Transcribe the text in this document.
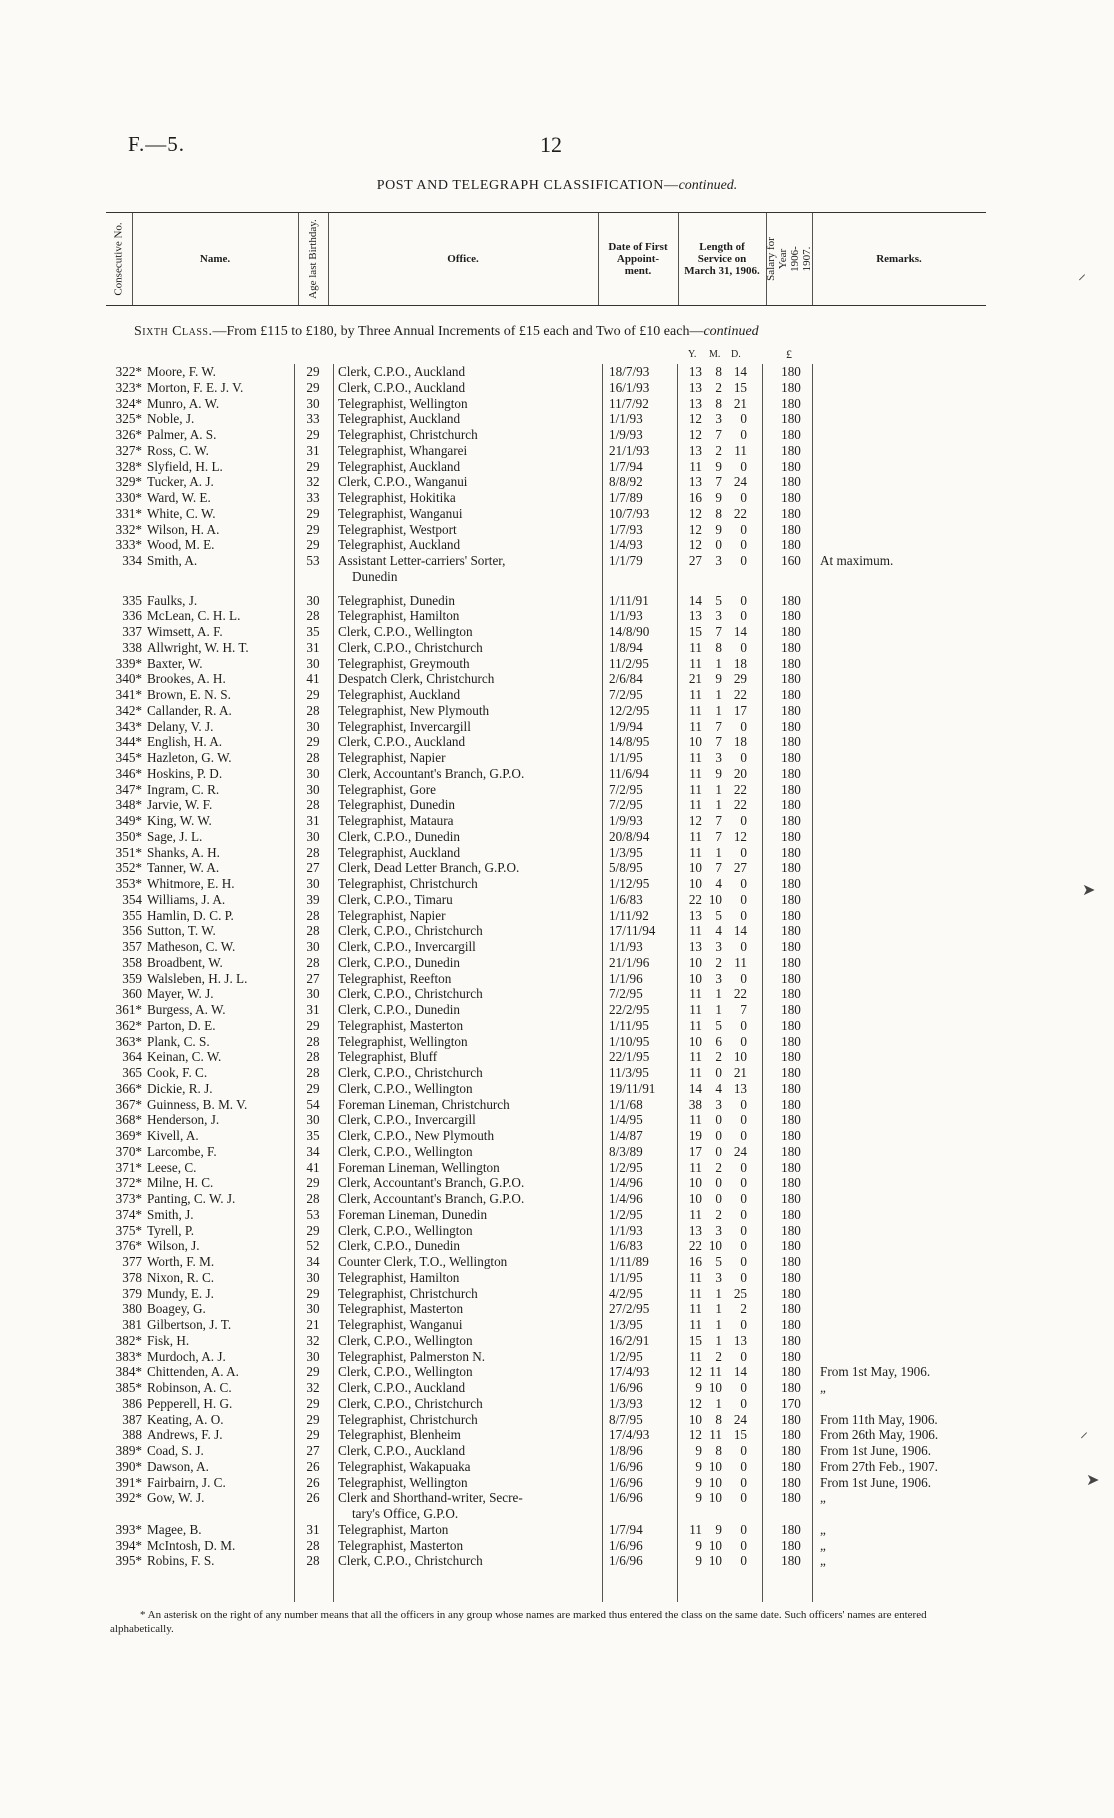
F.—5.	12
POST AND TELEGRAPH CLASSIFICATION—continued.
Consecutive No.	Name.	Age last Birthday.	Office.
Date of First Appoint-ment.
Length of Service on March 31, 1906. Salary for Year 1906-1907.	Remarks.
Sixth Class.—From £115 to £180, by Three Annual Increments of £15 each and Two of £10 each—continued
Y. M. D.	£
322* Moore, F. W.	29	Clerk, C.P.O., Auckland	18/7/93	13	8 14	180
323* Morton, F. E. J. V.	29	Clerk, C.P.O., Auckland	16/1/93	13	2 15	180
324* Munro, A. W.	30	Telegraphist, Wellington	11/7/92	13	8 21	180
325* Noble, J.	33	Telegraphist, Auckland	1/1/93	12	3	0	180
326* Palmer, A. S.	29	Telegraphist, Christchurch	1/9/93	12	7	0	180
327* Ross, C. W.	31	Telegraphist, Whangarei	21/1/93	13	2 11	180
328* Slyfield, H. L.	29	Telegraphist, Auckland	1/7/94	11	9	0	180
329* Tucker, A. J.	32	Clerk, C.P.O., Wanganui	8/8/92	13	7 24	180
330* Ward, W. E.	33	Telegraphist, Hokitika	1/7/89	16	9	0	180
331* White, C. W.	29	Telegraphist, Wanganui	10/7/93	12	8 22	180
332* Wilson, H. A.	29	Telegraphist, Westport	1/7/93	12	9	0	180
333* Wood, M. E.	29	Telegraphist, Auckland	1/4/93	12	0	0	180
334 Smith, A.	53	Assistant Letter-carriers' Sorter,	1/1/79	27	3	0	160	At maximum.
Dunedin
335 Faulks, J.	30	Telegraphist, Dunedin	1/11/91	14	5	0	180
336 McLean, C. H. L.	28	Telegraphist, Hamilton	1/1/93	13	3	0	180
337 Wimsett, A. F.	35	Clerk, C.P.O., Wellington	14/8/90	15	7 14	180
338 Allwright, W. H. T.	31	Clerk, C.P.O., Christchurch	1/8/94	11	8	0	180
339* Baxter, W.	30	Telegraphist, Greymouth	11/2/95	11	1 18	180
340* Brookes, A. H.	41	Despatch Clerk, Christchurch	2/6/84	21	9 29	180
341* Brown, E. N. S.	29	Telegraphist, Auckland	7/2/95	11	1 22	180
342* Callander, R. A.	28	Telegraphist, New Plymouth	12/2/95	11	1 17	180
343* Delany, V. J.	30	Telegraphist, Invercargill	1/9/94	11	7	0	180
344* English, H. A.	29	Clerk, C.P.O., Auckland	14/8/95	10	7 18	180
345* Hazleton, G. W.	28	Telegraphist, Napier	1/1/95	11	3	0	180
346* Hoskins, P. D.	30	Clerk, Accountant's Branch, G.P.O.	11/6/94	11	9 20	180
347* Ingram, C. R.	30	Telegraphist, Gore	7/2/95	11	1 22	180
348* Jarvie, W. F.	28	Telegraphist, Dunedin	7/2/95	11	1 22	180
349* King, W. W.	31	Telegraphist, Mataura	1/9/93	12	7	0	180
350* Sage, J. L.	30	Clerk, C.P.O., Dunedin	20/8/94	11	7 12	180
351* Shanks, A. H.	28	Telegraphist, Auckland	1/3/95	11	1	0	180
352* Tanner, W. A.	27	Clerk, Dead Letter Branch, G.P.O.	5/8/95	10	7 27	180
353* Whitmore, E. H.	30	Telegraphist, Christchurch	1/12/95	10	4	0	180
354 Williams, J. A.	39	Clerk, C.P.O., Timaru	1/6/83	22 10	0	180
355 Hamlin, D. C. P.	28	Telegraphist, Napier	1/11/92	13	5	0	180
356 Sutton, T. W.	28	Clerk, C.P.O., Christchurch	17/11/94	11	4 14	180
357 Matheson, C. W.	30	Clerk, C.P.O., Invercargill	1/1/93	13	3	0	180
358 Broadbent, W.	28	Clerk, C.P.O., Dunedin	21/1/96	10	2 11	180
359 Walsleben, H. J. L.	27	Telegraphist, Reefton	1/1/96	10	3	0	180
360 Mayer, W. J.	30	Clerk, C.P.O., Christchurch	7/2/95	11	1 22	180
361* Burgess, A. W.	31	Clerk, C.P.O., Dunedin	22/2/95	11	1	7	180
362* Parton, D. E.	29	Telegraphist, Masterton	1/11/95	11	5	0	180
363* Plank, C. S.	28	Telegraphist, Wellington	1/10/95	10	6	0	180
364 Keinan, C. W.	28	Telegraphist, Bluff	22/1/95	11	2 10	180
365 Cook, F. C.	28	Clerk, C.P.O., Christchurch	11/3/95	11	0 21	180
366* Dickie, R. J.	29	Clerk, C.P.O., Wellington	19/11/91	14	4 13	180
367* Guinness, B. M. V.	54	Foreman Lineman, Christchurch	1/1/68	38	3	0	180
368* Henderson, J.	30	Clerk, C.P.O., Invercargill	1/4/95	11	0	0	180
369* Kivell, A.	35	Clerk, C.P.O., New Plymouth	1/4/87	19	0	0	180
370* Larcombe, F.	34	Clerk, C.P.O., Wellington	8/3/89	17	0 24	180
371* Leese, C.	41	Foreman Lineman, Wellington	1/2/95	11	2	0	180
372* Milne, H. C.	29	Clerk, Accountant's Branch, G.P.O.	1/4/96	10	0	0	180
373* Panting, C. W. J.	28	Clerk, Accountant's Branch, G.P.O.	1/4/96	10	0	0	180
374* Smith, J.	53	Foreman Lineman, Dunedin	1/2/95	11	2	0	180
375* Tyrell, P.	29	Clerk, C.P.O., Wellington	1/1/93	13	3	0	180
376* Wilson, J.	52	Clerk, C.P.O., Dunedin	1/6/83	22 10	0	180
377 Worth, F. M.	34	Counter Clerk, T.O., Wellington	1/11/89	16	5	0	180
378 Nixon, R. C.	30	Telegraphist, Hamilton	1/1/95	11	3	0	180
379 Mundy, E. J.	29	Telegraphist, Christchurch	4/2/95	11	1 25	180
380 Boagey, G.	30	Telegraphist, Masterton	27/2/95	11	1	2	180
381 Gilbertson, J. T.	21	Telegraphist, Wanganui	1/3/95	11	1	0	180
382* Fisk, H.	32	Clerk, C.P.O., Wellington	16/2/91	15	1 13	180
383* Murdoch, A. J.	30	Telegraphist, Palmerston N.	1/2/95	11	2	0	180
384* Chittenden, A. A.	29	Clerk, C.P.O., Wellington	17/4/93	12 11 14	180	From 1st May, 1906.
385* Robinson, A. C.	32	Clerk, C.P.O., Auckland	1/6/96	9 10	0	180	„
386 Pepperell, H. G.	29	Clerk, C.P.O., Christchurch	1/3/93	12	1	0	170
387 Keating, A. O.	29	Telegraphist, Christchurch	8/7/95	10	8 24	180	From 11th May, 1906.
388 Andrews, F. J.	29	Telegraphist, Blenheim	17/4/93	12 11 15	180	From 26th May, 1906.
389* Coad, S. J.	27	Clerk, C.P.O., Auckland	1/8/96	9	8	0	180	From 1st June, 1906.
390* Dawson, A.	26	Telegraphist, Wakapuaka	1/6/96	9 10	0	180	From 27th Feb., 1907.
391* Fairbairn, J. C.	26	Telegraphist, Wellington	1/6/96	9 10	0	180	From 1st June, 1906.
392* Gow, W. J.	26	Clerk and Shorthand-writer, Secre-	1/6/96	9 10	0	180	„
tary's Office, G.P.O.
393* Magee, B.	31	Telegraphist, Marton	1/7/94	11	9	0	180	„
394* McIntosh, D. M.	28	Telegraphist, Masterton	1/6/96	9 10	0	180	„
395* Robins, F. S.	28	Clerk, C.P.O., Christchurch	1/6/96	9 10	0	180	„
* An asterisk on the right of any number means that all the officers in any group whose names are marked thus entered the class on the same date. Such officers' names are entered alphabetically.
⸝
➤
⸝
➤
